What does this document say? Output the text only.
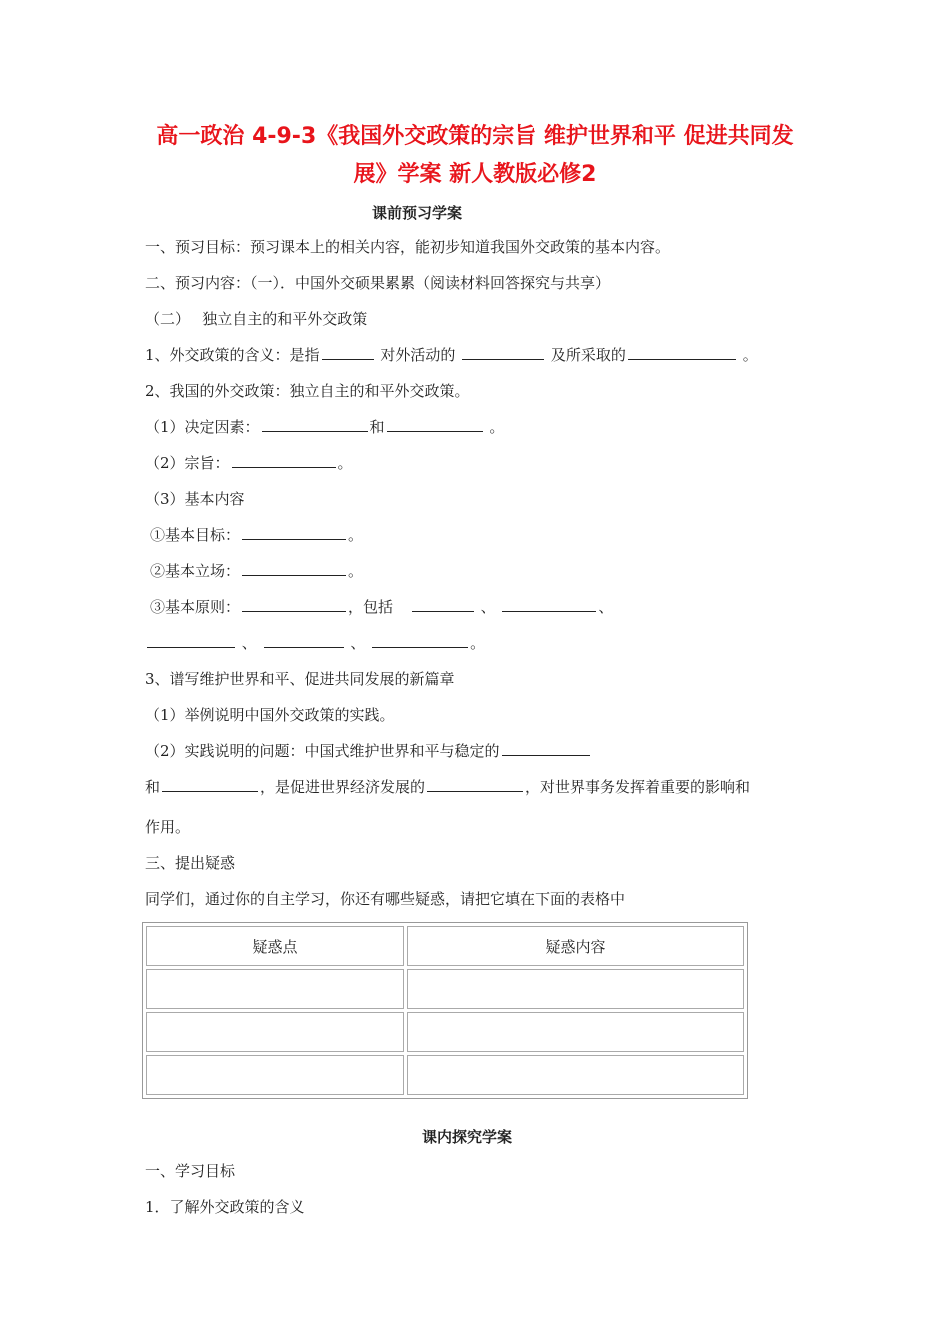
高一政治 4-9-3《我国外交政策的宗旨 维护世界和平 促进共同发
展》学案 新人教版必修2
课前预习学案
一、预习目标：预习课本上的相关内容，能初步知道我国外交政策的基本内容。
二、预习内容：（一）．中国外交硕果累累（阅读材料回答探究与共享）
（二）　 独立自主的和平外交政策
1、外交政策的含义：是指	对外活动的	及所采取的	。
2、我国的外交政策：独立自主的和平外交政策。
（1）决定因素：	和	。
（2）宗旨：	。
（3）基本内容
①基本目标：	。
②基本立场：	。
③基本原则：	，包括	、	、
、	、	。
3、谱写维护世界和平、促进共同发展的新篇章
（1）举例说明中国外交政策的实践。
（2）实践说明的问题：中国式维护世界和平与稳定的
和	，是促进世界经济发展的	，对世界事务发挥着重要的影响和
作用。
三、提出疑惑
同学们，通过你的自主学习，你还有哪些疑惑，请把它填在下面的表格中
疑惑点	疑惑内容

课内探究学案
一、学习目标
1．了解外交政策的含义
